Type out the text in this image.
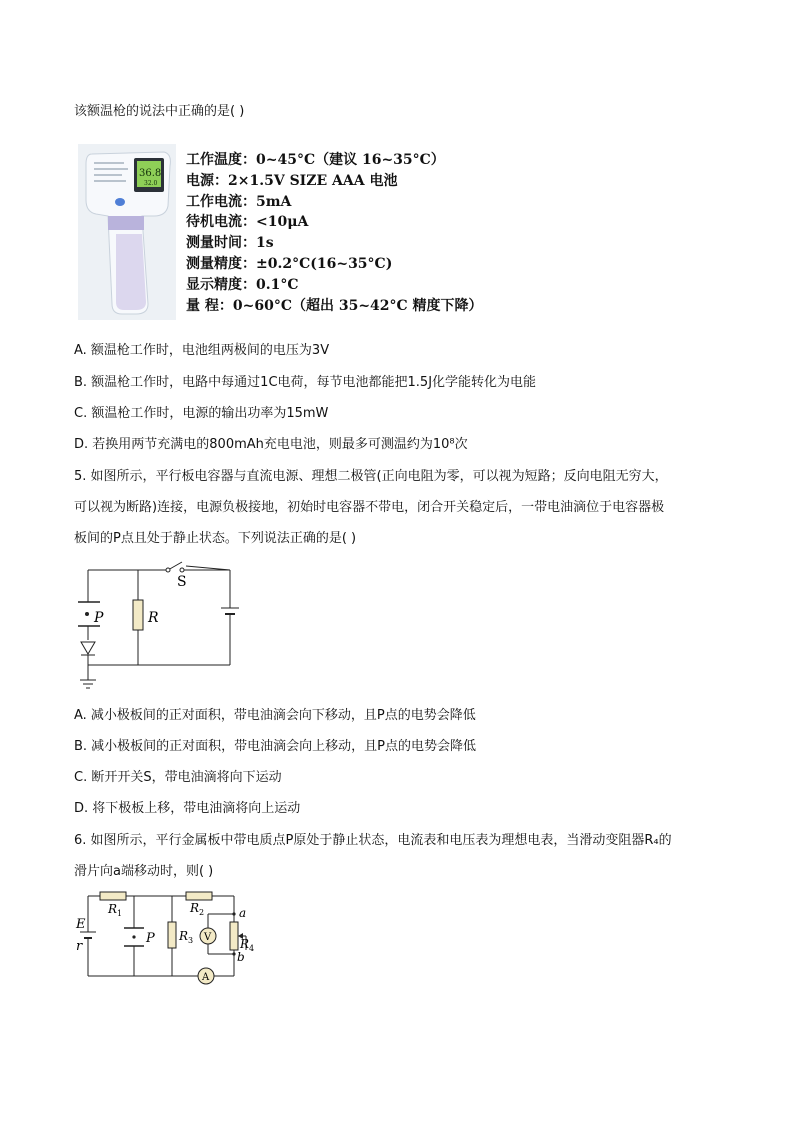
该额温枪的说法中正确的是( )
36.8
32.0
工作温度：0~45°C（建议 16~35°C）
电源：2×1.5V SIZE AAA 电池
工作电流：5mA
待机电流：<10μA
测量时间：1s
测量精度：±0.2°C(16~35°C)
显示精度：0.1°C
量 程：0~60°C（超出 35~42°C 精度下降）
A. 额温枪工作时，电池组两极间的电压为3V
B. 额温枪工作时，电路中每通过1C电荷，每节电池都能把1.5J化学能转化为电能
C. 额温枪工作时，电源的输出功率为15mW
D. 若换用两节充满电的800mAh充电电池，则最多可测温约为10⁸次
5. 如图所示，平行板电容器与直流电源、理想二极管(正向电阻为零，可以视为短路；反向电阻无穷大，
可以视为断路)连接，电源负极接地，初始时电容器不带电，闭合开关稳定后，一带电油滴位于电容器极
板间的P点且处于静止状态。下列说法正确的是( )
S
R
P
A. 减小极板间的正对面积，带电油滴会向下移动，且P点的电势会降低
B. 减小极板间的正对面积，带电油滴会向上移动，且P点的电势会降低
C. 断开开关S，带电油滴将向下运动
D. 将下极板上移，带电油滴将向上运动
6. 如图所示，平行金属板中带电质点P原处于静止状态，电流表和电压表为理想电表，当滑动变阻器R₄的
滑片向a端移动时，则( )
V
A
E
r
P
R 1	R 2
R 3	R 4
a
b
